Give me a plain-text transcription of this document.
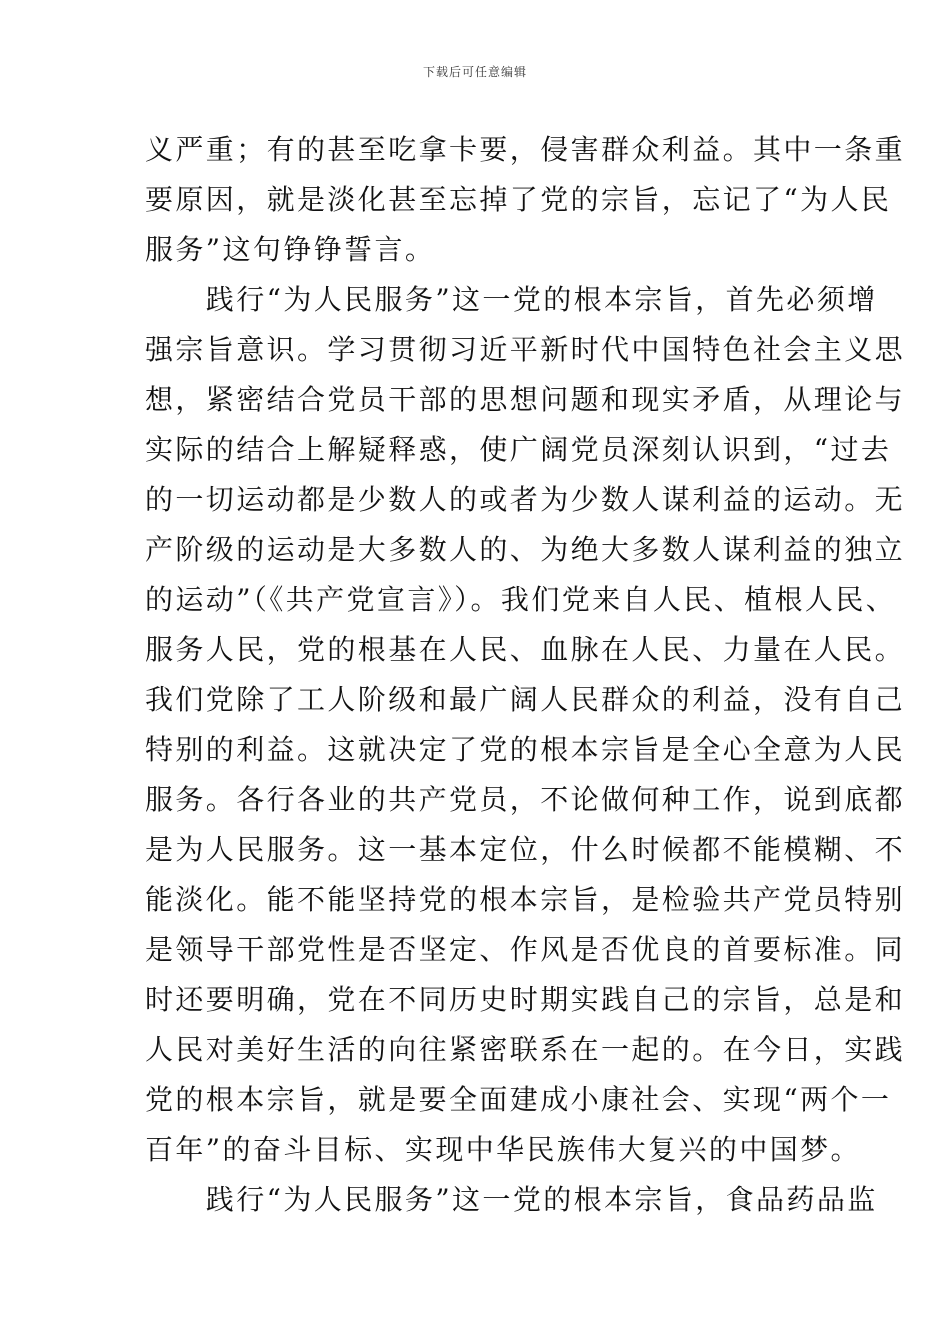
下载后可任意编辑
义严重；有的甚至吃拿卡要，侵害群众利益。其中一条重
要原因，就是淡化甚至忘掉了党的宗旨，忘记了“为人民
服务”这句铮铮誓言。
　　践行“为人民服务”这一党的根本宗旨，首先必须增
强宗旨意识。学习贯彻习近平新时代中国特色社会主义思
想，紧密结合党员干部的思想问题和现实矛盾，从理论与
实际的结合上解疑释惑，使广阔党员深刻认识到，“过去
的一切运动都是少数人的或者为少数人谋利益的运动。无
产阶级的运动是大多数人的、为绝大多数人谋利益的独立
的运动”（《共产党宣言》）。我们党来自人民、植根人民、
服务人民，党的根基在人民、血脉在人民、力量在人民。
我们党除了工人阶级和最广阔人民群众的利益，没有自己
特别的利益。这就决定了党的根本宗旨是全心全意为人民
服务。各行各业的共产党员，不论做何种工作，说到底都
是为人民服务。这一基本定位，什么时候都不能模糊、不
能淡化。能不能坚持党的根本宗旨，是检验共产党员特别
是领导干部党性是否坚定、作风是否优良的首要标准。同
时还要明确，党在不同历史时期实践自己的宗旨，总是和
人民对美好生活的向往紧密联系在一起的。在今日，实践
党的根本宗旨，就是要全面建成小康社会、实现“两个一
百年”的奋斗目标、实现中华民族伟大复兴的中国梦。
　　践行“为人民服务”这一党的根本宗旨，食品药品监
